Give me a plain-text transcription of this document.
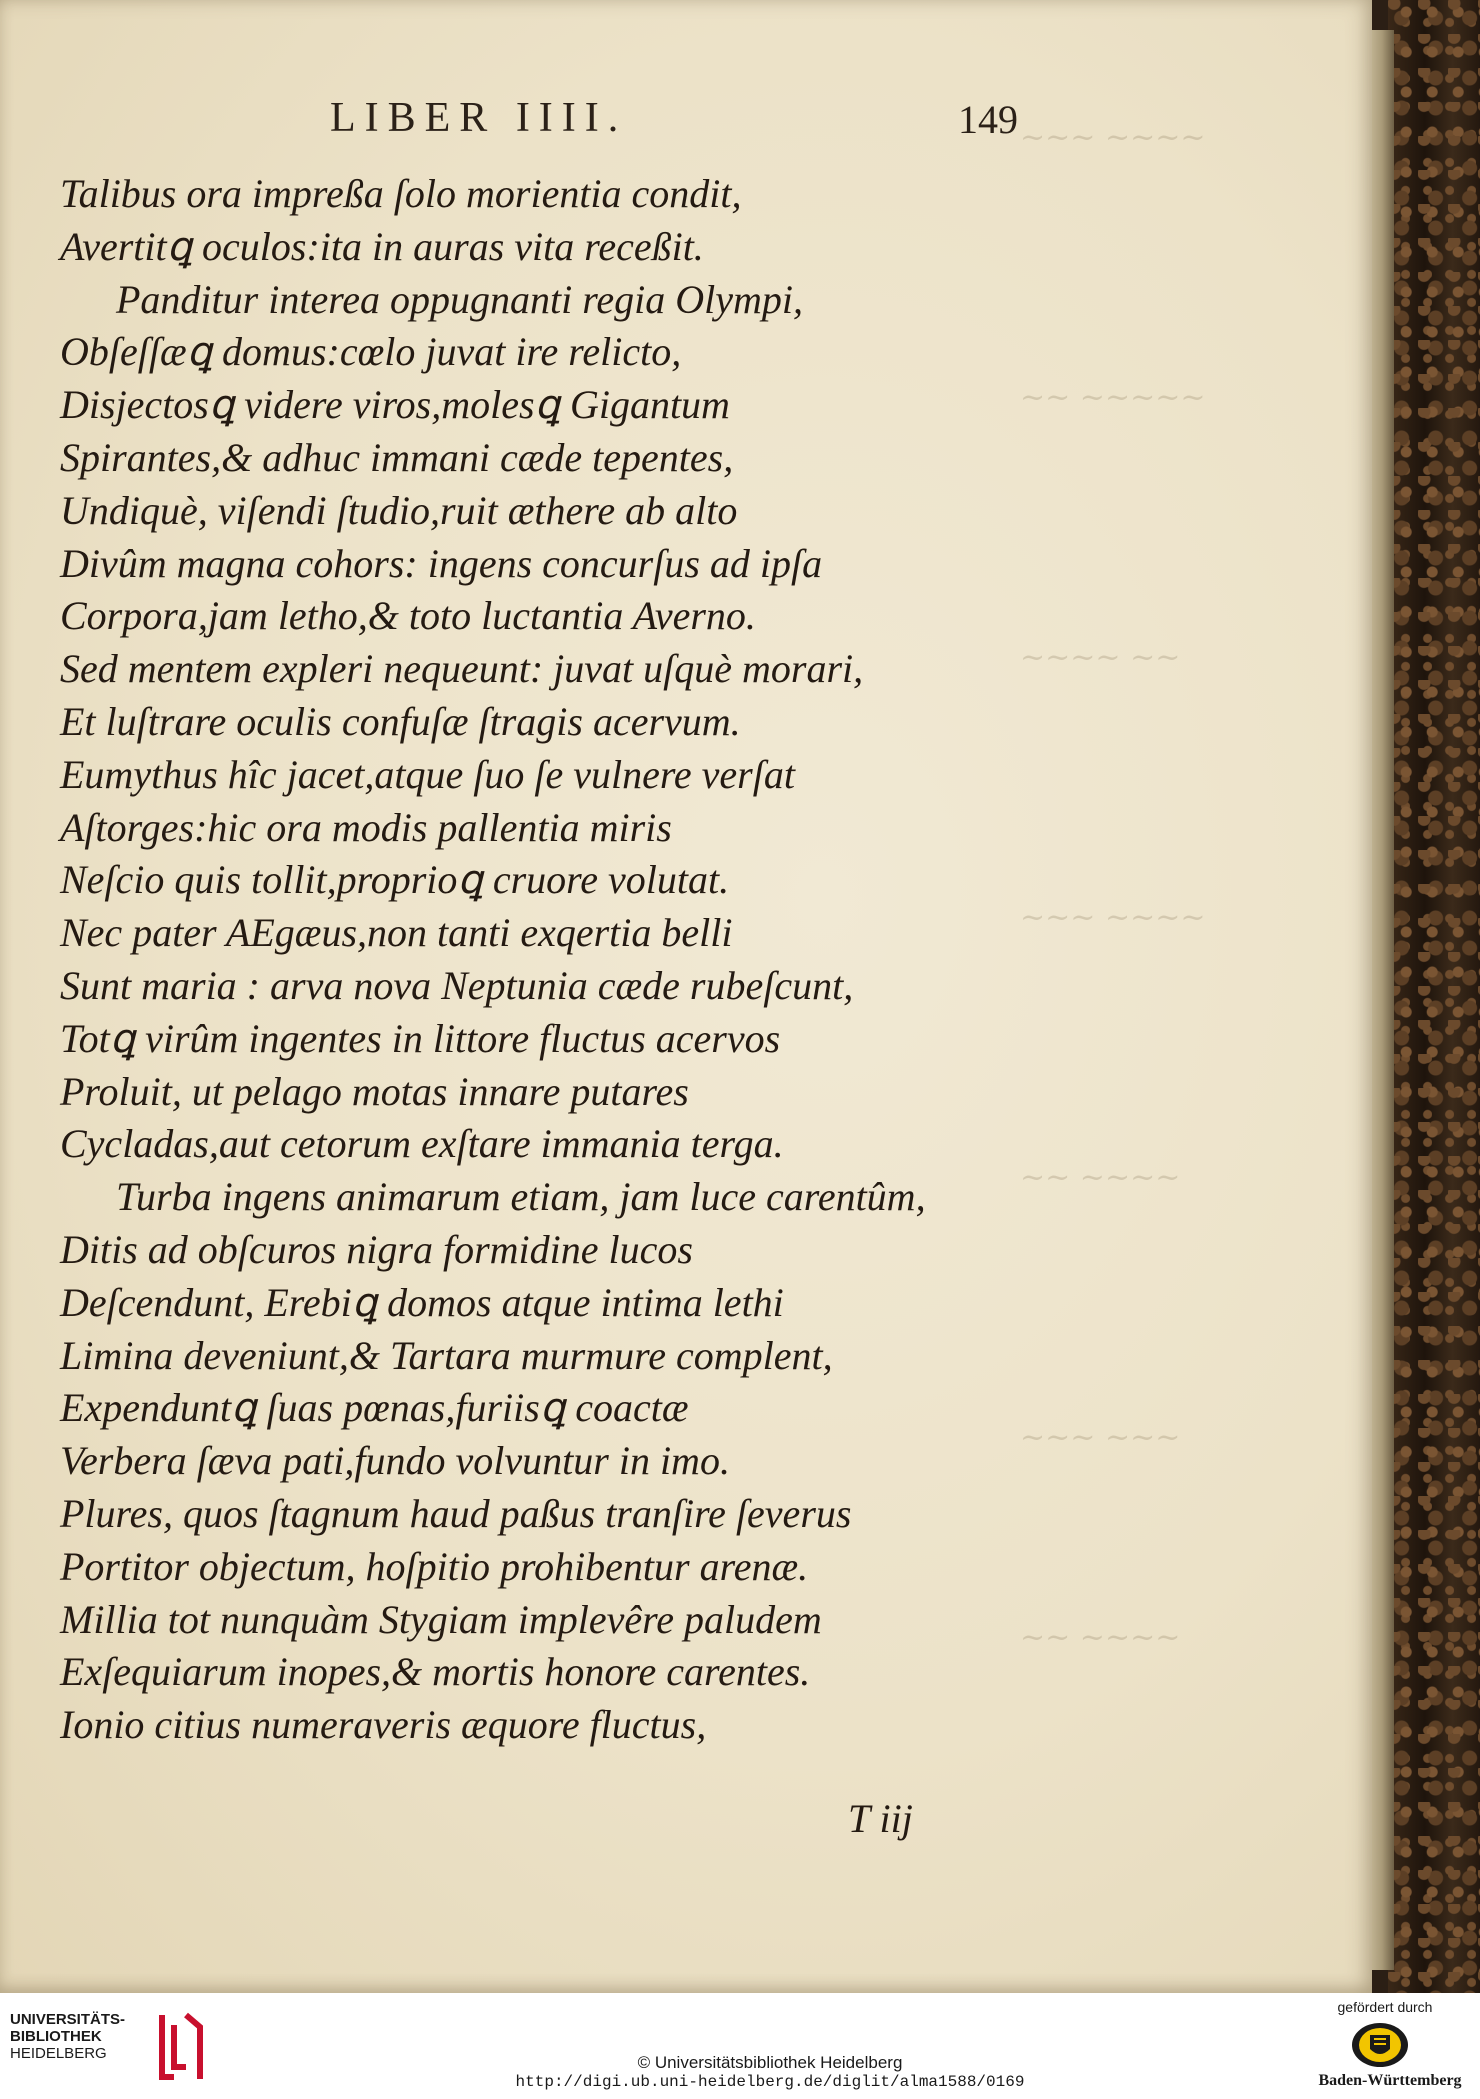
~~~ ~~~~
~~ ~~~~~
~~~~ ~~
~~~ ~~~~
~~ ~~~~
~~~ ~~~
~~ ~~~~
LIBER IIII.	149
Talibus ora impreßa ſolo morientia condit,
Avertitꝗ oculos:ita in auras vita receßit.
Panditur interea oppugnanti regia Olympi,
Obſeſſæꝗ domus:cœlo juvat ire relicto,
Disjectosꝗ videre viros,molesꝗ Gigantum
Spirantes,& adhuc immani cæde tepentes,
Undiquè, viſendi ſtudio,ruit æthere ab alto
Divûm magna cohors: ingens concurſus ad ipſa
Corpora,jam letho,& toto luctantia Averno.
Sed mentem expleri nequeunt: juvat uſquè morari,
Et luſtrare oculis confuſæ ſtragis acervum.
Eumythus hîc jacet,atque ſuo ſe vulnere verſat
Aſtorges:hic ora modis pallentia miris
Neſcio quis tollit,proprioꝗ cruore volutat.
Nec pater AEgæus,non tanti exqertia belli
Sunt maria : arva nova Neptunia cæde rubeſcunt,
Totꝗ virûm ingentes in littore fluctus acervos
Proluit, ut pelago motas innare putares
Cycladas,aut cetorum exſtare immania terga.
Turba ingens animarum etiam, jam luce carentûm,
Ditis ad obſcuros nigra formidine lucos
Deſcendunt, Erebiꝗ domos atque intima lethi
Limina deveniunt,& Tartara murmure complent,
Expenduntꝗ ſuas pœnas,furiisꝗ coactæ
Verbera ſæva pati,fundo volvuntur in imo.
Plures, quos ſtagnum haud paßus tranſire ſeverus
Portitor objectum, hoſpitio prohibentur arenæ.
Millia tot nunquàm Stygiam implevêre paludem
Exſequiarum inopes,& mortis honore carentes.
Ionio citius numeraveris æquore fluctus,
T iij
UNIVERSITÄTS-
BIBLIOTHEK
HEIDELBERG	© Universitätsbibliothek Heidelberg
http://digi.ub.uni-heidelberg.de/diglit/alma1588/0169
gefördert durch
Baden-Württemberg
